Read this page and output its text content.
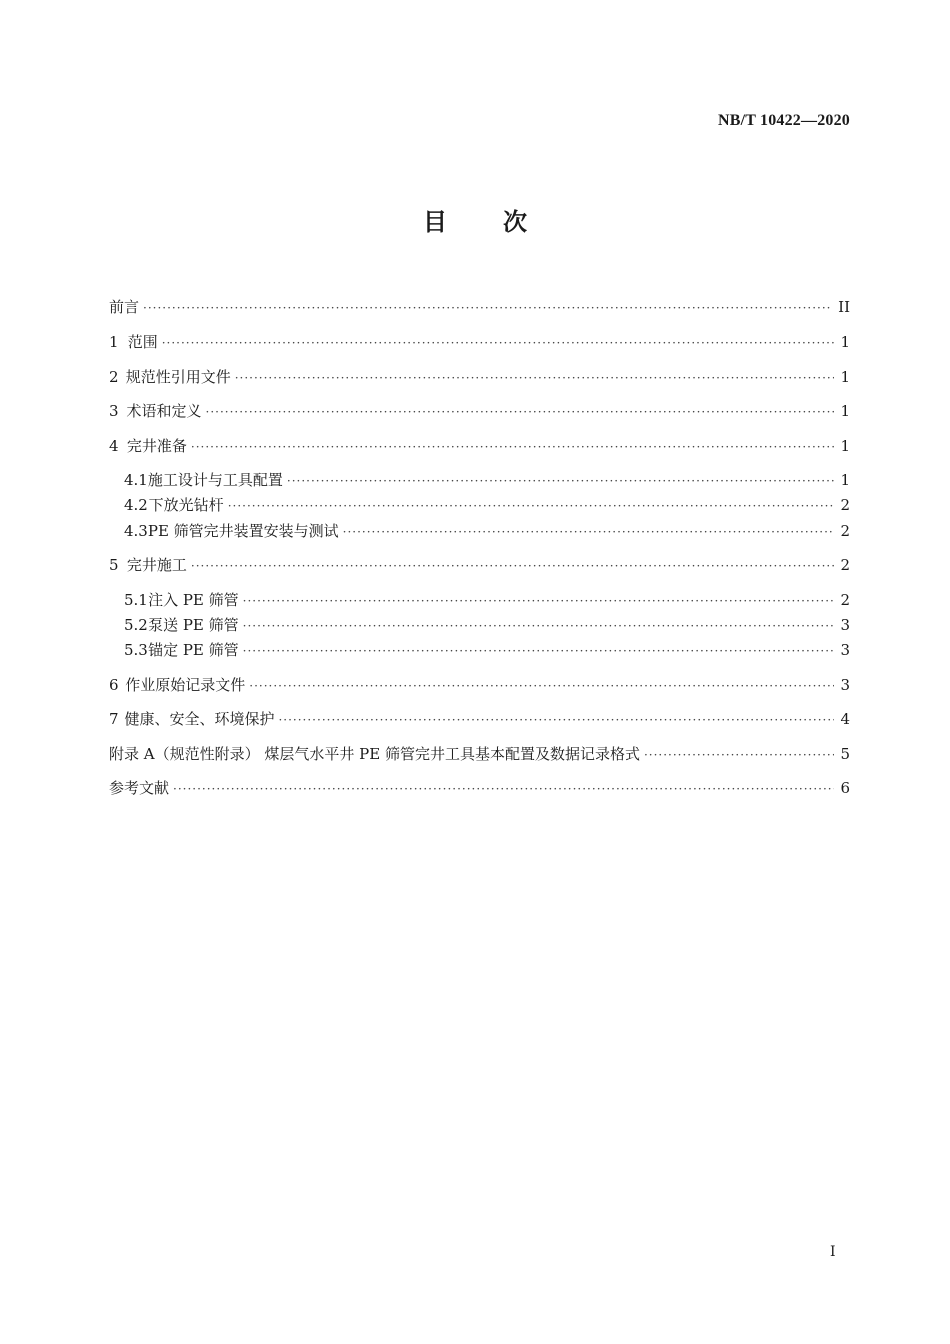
NB/T 10422—2020
目 次
前言 ·····	II
1 范围 ·····	1
2 规范性引用文件 ·····	1
3 术语和定义 ·····	1
4 完井准备 ·····	1
4.1 施工设计与工具配置 ·····	1
4.2 下放光钻杆 ·····	2
4.3 PE 筛管完井装置安装与测试 ·····	2
5 完井施工 ·····	2
5.1 注入 PE 筛管 ·····	2
5.2 泵送 PE 筛管 ·····	3
5.3 锚定 PE 筛管 ·····	3
6 作业原始记录文件 ·····	3
7 健康、安全、环境保护 ·····	4
附录 A（规范性附录） 煤层气水平井 PE 筛管完井工具基本配置及数据记录格式 ·····	5
参考文献 ·····	6
I
